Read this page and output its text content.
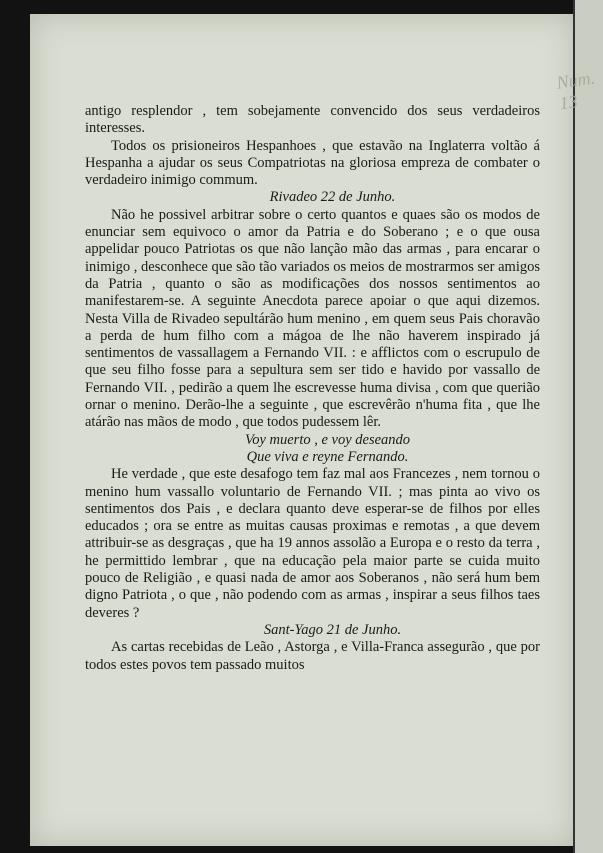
Num. 13

antigo resplendor , tem sobejamente convencido dos seus verdadeiros interesses.

Todos os prisioneiros Hespanhoes , que estavão na Inglaterra voltão á Hespanha a ajudar os seus Compatriotas na gloriosa empreza de combater o verdadeiro inimigo commum.

Rivadeo 22 de Junho.

Não he possivel arbitrar sobre o certo quantos e quaes são os modos de enunciar sem equivoco o amor da Patria e do Soberano ; e o que ousa appelidar pouco Patriotas os que não lanção mão das armas , para encarar o inimigo , desconhece que são tão variados os meios de mostrarmos ser amigos da Patria , quanto o são as modificações dos nossos sentimentos ao manifestarem-se. A seguinte Anecdota parece apoiar o que aqui dizemos. Nesta Villa de Rivadeo sepultárão hum menino , em quem seus Pais choravão a perda de hum filho com a mágoa de lhe não haverem inspirado já sentimentos de vassallagem a Fernando VII. : e afflictos com o escrupulo de que seu filho fosse para a sepultura sem ser tido e havido por vassallo de Fernando VII. , pedirão a quem lhe escrevesse huma divisa , com que querião ornar o menino. Derão-lhe a seguinte , que escrevêrão n'huma fita , que lhe atárão nas mãos de modo , que todos pudessem lêr.

Voy muerto , e voy deseando

Que viva e reyne Fernando.

He verdade , que este desafogo tem faz mal aos Francezes , nem tornou o menino hum vassallo voluntario de Fernando VII. ; mas pinta ao vivo os sentimentos dos Pais , e declara quanto deve esperar-se de filhos por elles educados ; ora se entre as muitas causas proximas e remotas , a que devem attribuir-se as desgraças , que ha 19 annos assolão a Europa e o resto da terra , he permittido lembrar , que na educação pela maior parte se cuida muito pouco de Religião , e quasi nada de amor aos Soberanos , não será hum bem digno Patriota , o que , não podendo com as armas , inspirar a seus filhos taes deveres ?

Sant-Yago 21 de Junho.

As cartas recebidas de Leão , Astorga , e Villa-Franca assegurão , que por todos estes povos tem passado muitos
